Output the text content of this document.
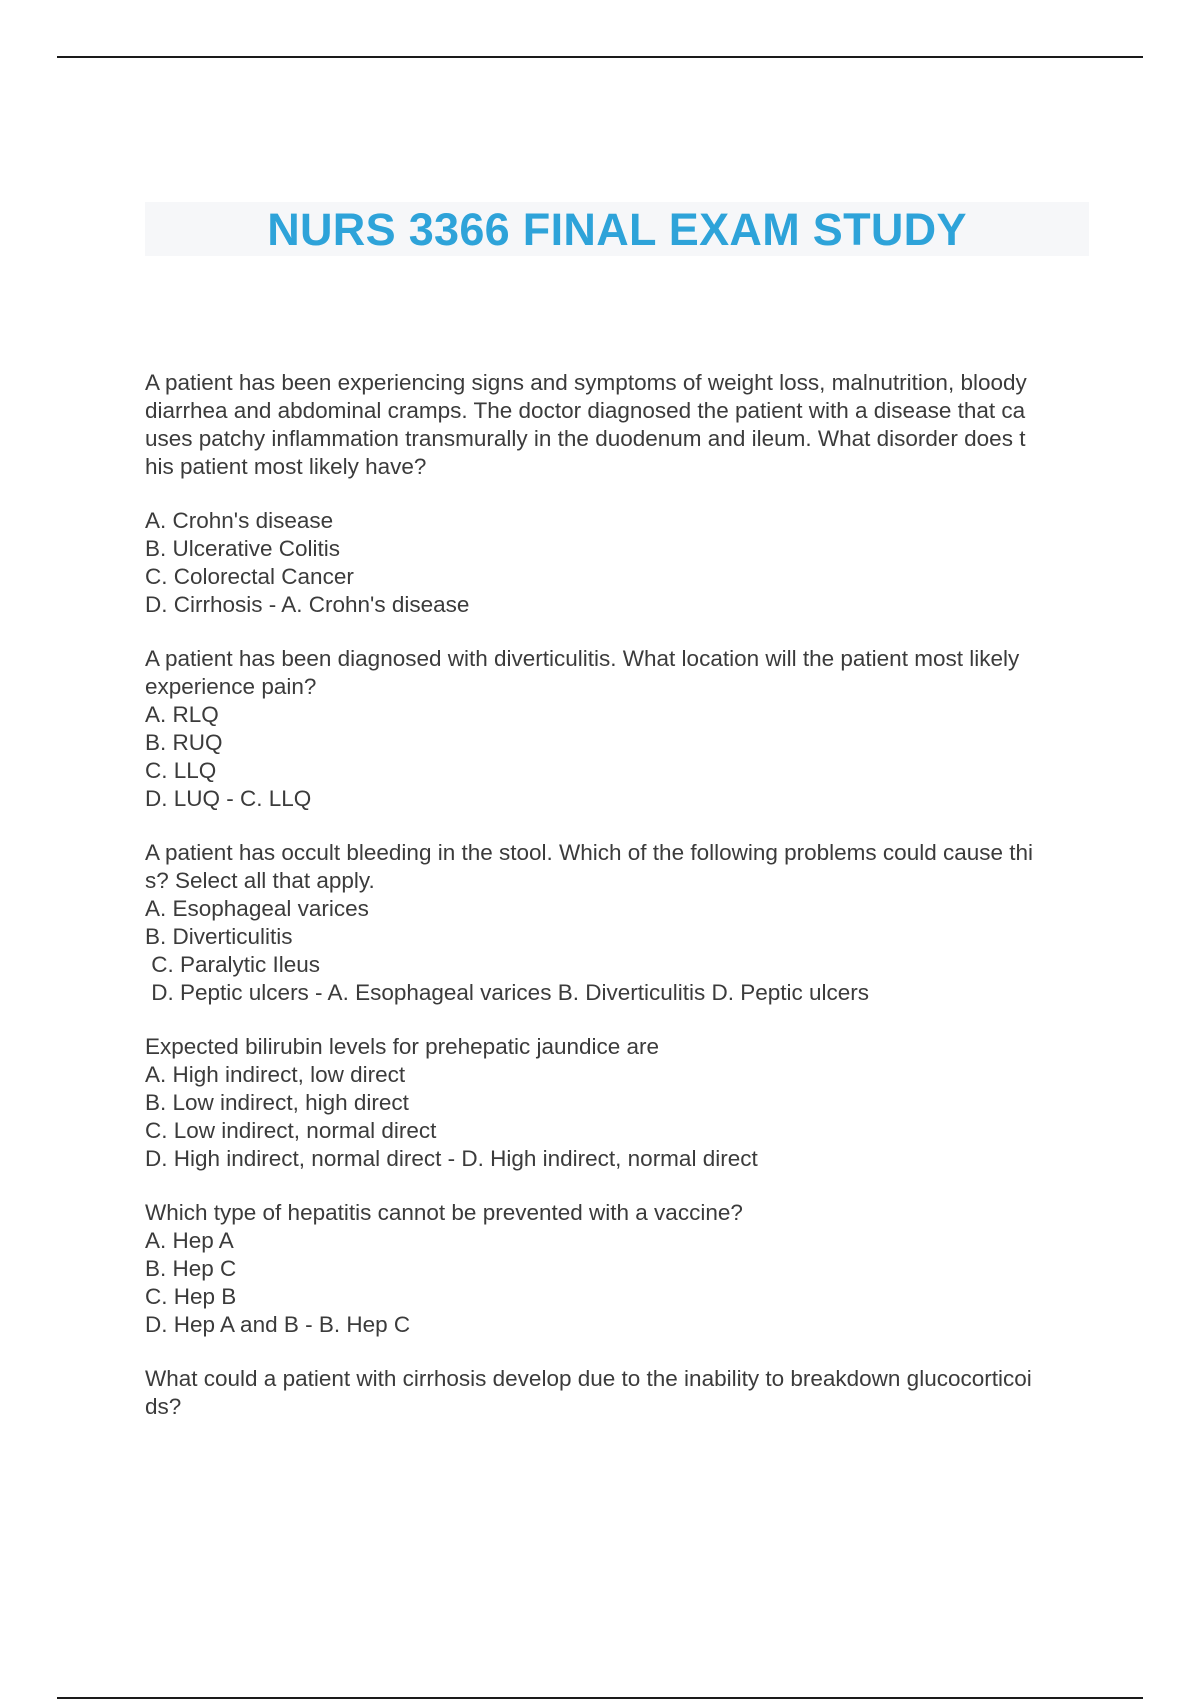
NURS 3366 FINAL EXAM STUDY
A patient has been experiencing signs and symptoms of weight loss, malnutrition, bloody
diarrhea and abdominal cramps. The doctor diagnosed the patient with a disease that ca
uses patchy inflammation transmurally in the duodenum and ileum. What disorder does t
his patient most likely have?
A. Crohn's disease
B. Ulcerative Colitis
C. Colorectal Cancer
D. Cirrhosis - A. Crohn's disease
A patient has been diagnosed with diverticulitis. What location will the patient most likely
experience pain?
A. RLQ
B. RUQ
C. LLQ
D. LUQ - C. LLQ
A patient has occult bleeding in the stool. Which of the following problems could cause thi
s? Select all that apply.
A. Esophageal varices
B. Diverticulitis
C. Paralytic Ileus
D. Peptic ulcers - A. Esophageal varices B. Diverticulitis D. Peptic ulcers
Expected bilirubin levels for prehepatic jaundice are
A. High indirect, low direct
B. Low indirect, high direct
C. Low indirect, normal direct
D. High indirect, normal direct - D. High indirect, normal direct
Which type of hepatitis cannot be prevented with a vaccine?
A. Hep A
B. Hep C
C. Hep B
D. Hep A and B - B. Hep C
What could a patient with cirrhosis develop due to the inability to breakdown glucocorticoi
ds?
